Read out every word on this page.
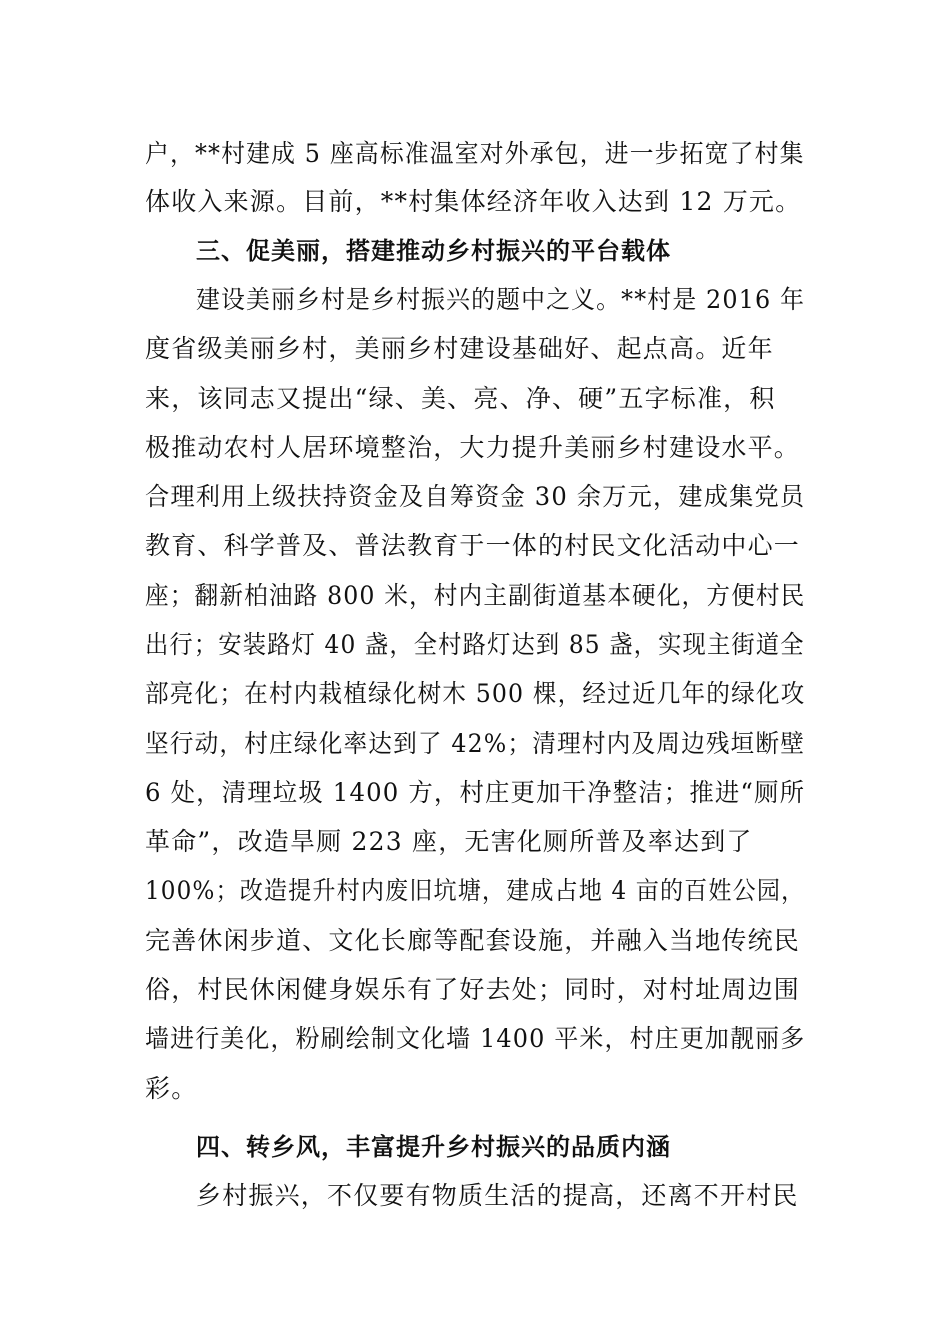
户，**村建成 5 座高标准温室对外承包，进一步拓宽了村集
体收入来源。目前，**村集体经济年收入达到 12 万元。
三、促美丽，搭建推动乡村振兴的平台载体
建设美丽乡村是乡村振兴的题中之义。**村是 2016 年
度省级美丽乡村，美丽乡村建设基础好、起点高。近年
来，该同志又提出“绿、美、亮、净、硬”五字标准，积
极推动农村人居环境整治，大力提升美丽乡村建设水平。
合理利用上级扶持资金及自筹资金 30 余万元，建成集党员
教育、科学普及、普法教育于一体的村民文化活动中心一
座；翻新柏油路 800 米，村内主副街道基本硬化，方便村民
出行；安装路灯 40 盏，全村路灯达到 85 盏，实现主街道全
部亮化；在村内栽植绿化树木 500 棵，经过近几年的绿化攻
坚行动，村庄绿化率达到了 42%；清理村内及周边残垣断壁
6 处，清理垃圾 1400 方，村庄更加干净整洁；推进“厕所
革命”，改造旱厕 223 座，无害化厕所普及率达到了
100%；改造提升村内废旧坑塘，建成占地 4 亩的百姓公园，
完善休闲步道、文化长廊等配套设施，并融入当地传统民
俗，村民休闲健身娱乐有了好去处；同时，对村址周边围
墙进行美化，粉刷绘制文化墙 1400 平米，村庄更加靓丽多
彩。
四、转乡风，丰富提升乡村振兴的品质内涵
乡村振兴，不仅要有物质生活的提高，还离不开村民
